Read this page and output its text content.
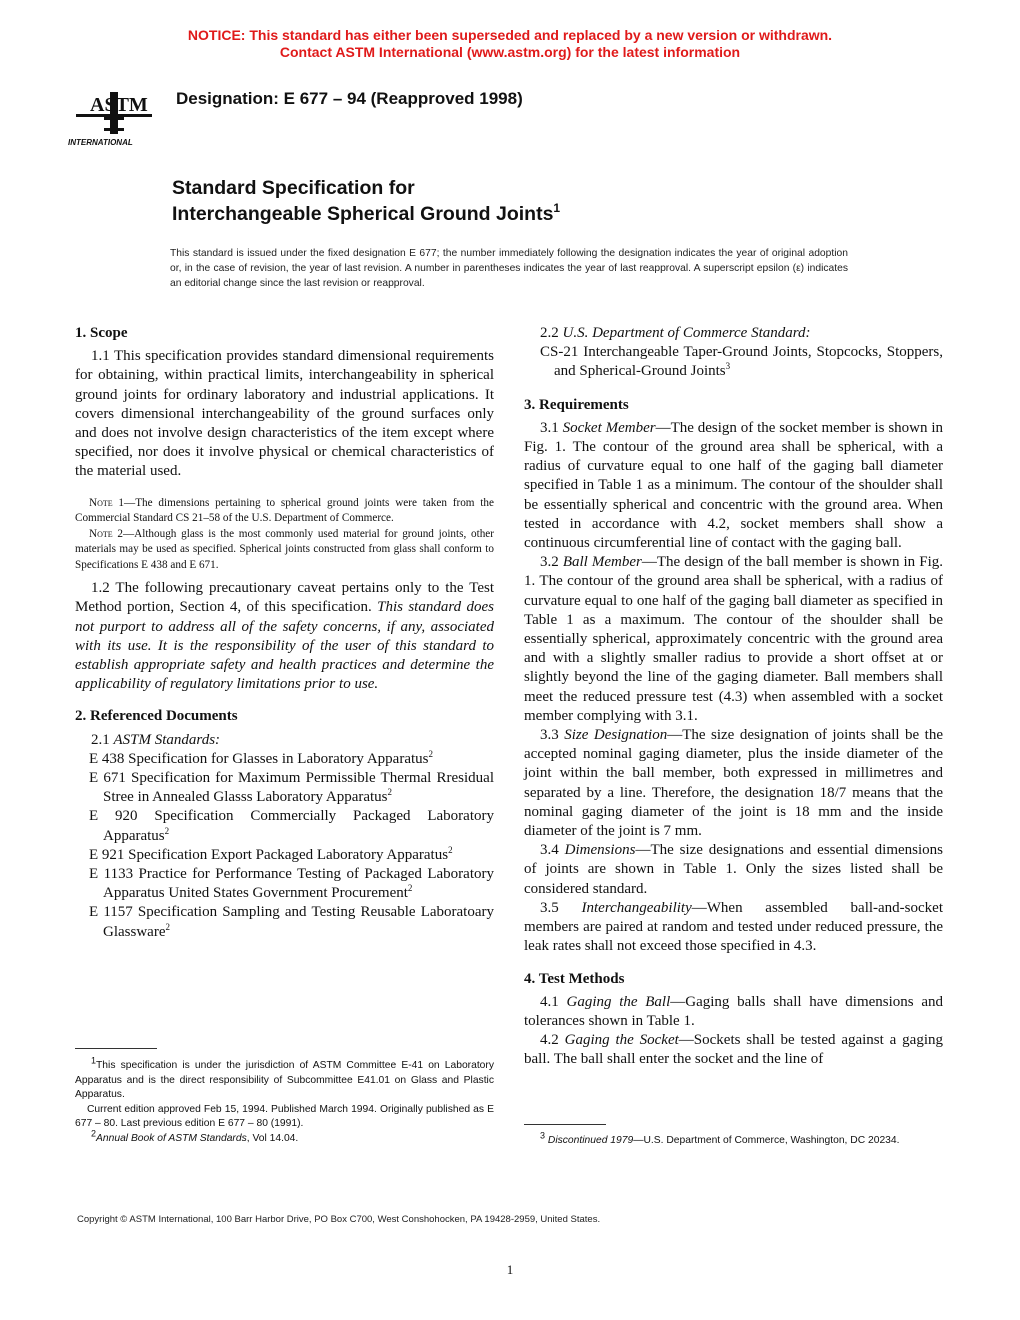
NOTICE: This standard has either been superseded and replaced by a new version or withdrawn.
Contact ASTM International (www.astm.org) for the latest information
ASTM
INTERNATIONAL
Designation: E 677 – 94 (Reapproved 1998)
Standard Specification for
Interchangeable Spherical Ground Joints$^1$
This standard is issued under the fixed designation E 677; the number immediately following the designation indicates the year of original adoption or, in the case of revision, the year of last revision. A number in parentheses indicates the year of last reapproval. A superscript epsilon (ε) indicates an editorial change since the last revision or reapproval.

1. Scope

1.1 This specification provides standard dimensional requirements for obtaining, within practical limits, interchangeability in spherical ground joints for ordinary laboratory and industrial applications. It covers dimensional interchangeability of the ground surfaces only and does not involve design characteristics of the item except where specified, nor does it involve physical or chemical characteristics of the material used.

Note 1—The dimensions pertaining to spherical ground joints were taken from the Commercial Standard CS 21–58 of the U.S. Department of Commerce.

Note 2—Although glass is the most commonly used material for ground joints, other materials may be used as specified. Spherical joints constructed from glass shall conform to Specifications E 438 and E 671.

1.2 The following precautionary caveat pertains only to the Test Method portion, Section 4, of this specification. This standard does not purport to address all of the safety concerns, if any, associated with its use. It is the responsibility of the user of this standard to establish appropriate safety and health practices and determine the applicability of regulatory limitations prior to use.

2. Referenced Documents

2.1 ASTM Standards:

E 438 Specification for Glasses in Laboratory Apparatus$^2$

E 671 Specification for Maximum Permissible Thermal Rresidual Stree in Annealed Glasss Laboratory Apparatus$^2$

E 920 Specification Commercially Packaged Laboratory Apparatus$^2$

E 921 Specification Export Packaged Laboratory Apparatus$^2$

E 1133 Practice for Performance Testing of Packaged Laboratory Apparatus United States Government Procurement$^2$

E 1157 Specification Sampling and Testing Reusable Laboratoary Glassware$^2$

$^1$This specification is under the jurisdiction of ASTM Committee E-41 on Laboratory Apparatus and is the direct responsibility of Subcommittee E41.01 on Glass and Plastic Apparatus.

Current edition approved Feb 15, 1994. Published March 1994. Originally published as E 677 – 80. Last previous edition E 677 – 80 (1991).

$^2$Annual Book of ASTM Standards, Vol 14.04.

2.2 U.S. Department of Commerce Standard:

CS-21 Interchangeable Taper-Ground Joints, Stopcocks, Stoppers, and Spherical-Ground Joints$^3$

3. Requirements

3.1 Socket Member—The design of the socket member is shown in Fig. 1. The contour of the ground area shall be spherical, with a radius of curvature equal to one half of the gaging ball diameter specified in Table 1 as a minimum. The contour of the shoulder shall be essentially spherical and concentric with the ground area. When tested in accordance with 4.2, socket members shall show a continuous circumferential line of contact with the gaging ball.

3.2 Ball Member—The design of the ball member is shown in Fig. 1. The contour of the ground area shall be spherical, with a radius of curvature equal to one half of the gaging ball diameter as specified in Table 1 as a maximum. The contour of the shoulder shall be essentially spherical, approximately concentric with the ground area and with a slightly smaller radius to provide a short offset at or slightly beyond the line of the gaging diameter. Ball members shall meet the reduced pressure test (4.3) when assembled with a socket member complying with 3.1.

3.3 Size Designation—The size designation of joints shall be the accepted nominal gaging diameter, plus the inside diameter of the joint within the ball member, both expressed in millimetres and separated by a line. Therefore, the designation 18/7 means that the nominal gaging diameter of the joint is 18 mm and the inside diameter of the joint is 7 mm.

3.4 Dimensions—The size designations and essential dimensions of joints are shown in Table 1. Only the sizes listed shall be considered standard.

3.5 Interchangeability—When assembled ball-and-socket members are paired at random and tested under reduced pressure, the leak rates shall not exceed those specified in 4.3.

4. Test Methods

4.1 Gaging the Ball—Gaging balls shall have dimensions and tolerances shown in Table 1.

4.2 Gaging the Socket—Sockets shall be tested against a gaging ball. The ball shall enter the socket and the line of

$^3$ Discontinued 1979—U.S. Department of Commerce, Washington, DC 20234.

Copyright © ASTM International, 100 Barr Harbor Drive, PO Box C700, West Conshohocken, PA 19428-2959, United States.
1
